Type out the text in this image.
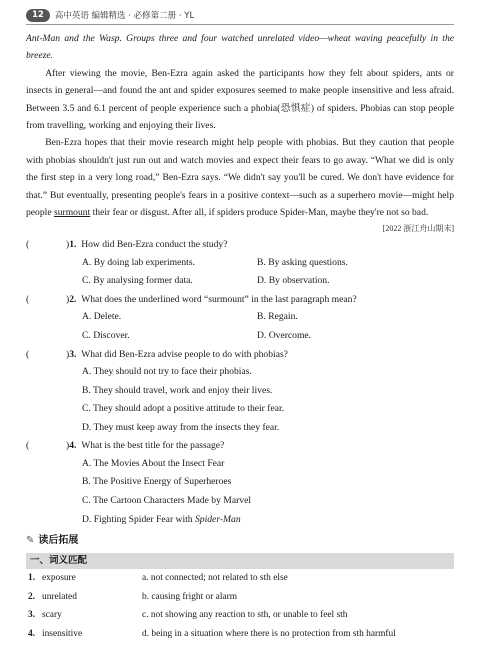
12	高中英语 编辑精选 · 必修第二册 · YL

Ant-Man and the Wasp. Groups three and four watched unrelated video—wheat waving peacefully in the breeze.

After viewing the movie, Ben-Ezra again asked the participants how they felt about spiders, ants or insects in general—and found the ant and spider exposures seemed to make people insensitive and less afraid. Between 3.5 and 6.1 percent of people experience such a phobia(恐惧症) of spiders. Phobias can stop people from travelling, working and enjoying their lives.

Ben-Ezra hopes that their movie research might help people with phobias. But they caution that people with phobias shouldn't just run out and watch movies and expect their fears to go away. “What we did is only the first step in a very long road,” Ben-Ezra says. “We didn't say you'll be cured. We don't have evidence for that.” But eventually, presenting people's fears in a positive context—such as a superhero movie—might help people surmount their fear or disgust. After all, if spiders produce Spider-Man, maybe they're not so bad.

[2022 浙江舟山期末]
(	) 1. How did Ben-Ezra conduct the study?
A. By doing lab experiments.	B. By asking questions.
C. By analysing former data.	D. By observation.
(	) 2. What does the underlined word “surmount” in the last paragraph mean?
A. Delete.	B. Regain.
C. Discover.	D. Overcome.
(	) 3. What did Ben-Ezra advise people to do with phobias?
A. They should not try to face their phobias.
B. They should travel, work and enjoy their lives.
C. They should adopt a positive attitude to their fear.
D. They must keep away from the insects they fear.
(	) 4. What is the best title for the passage?
A. The Movies About the Insect Fear
B. The Positive Energy of Superheroes
C. The Cartoon Characters Made by Marvel
D. Fighting Spider Fear with Spider-Man
✎ 读后拓展
一、词义匹配
1. exposure	a. not connected; not related to sth else
2. unrelated	b. causing fright or alarm
3. scary	c. not showing any reaction to sth, or unable to feel sth
4. insensitive	d. being in a situation where there is no protection from sth harmful
